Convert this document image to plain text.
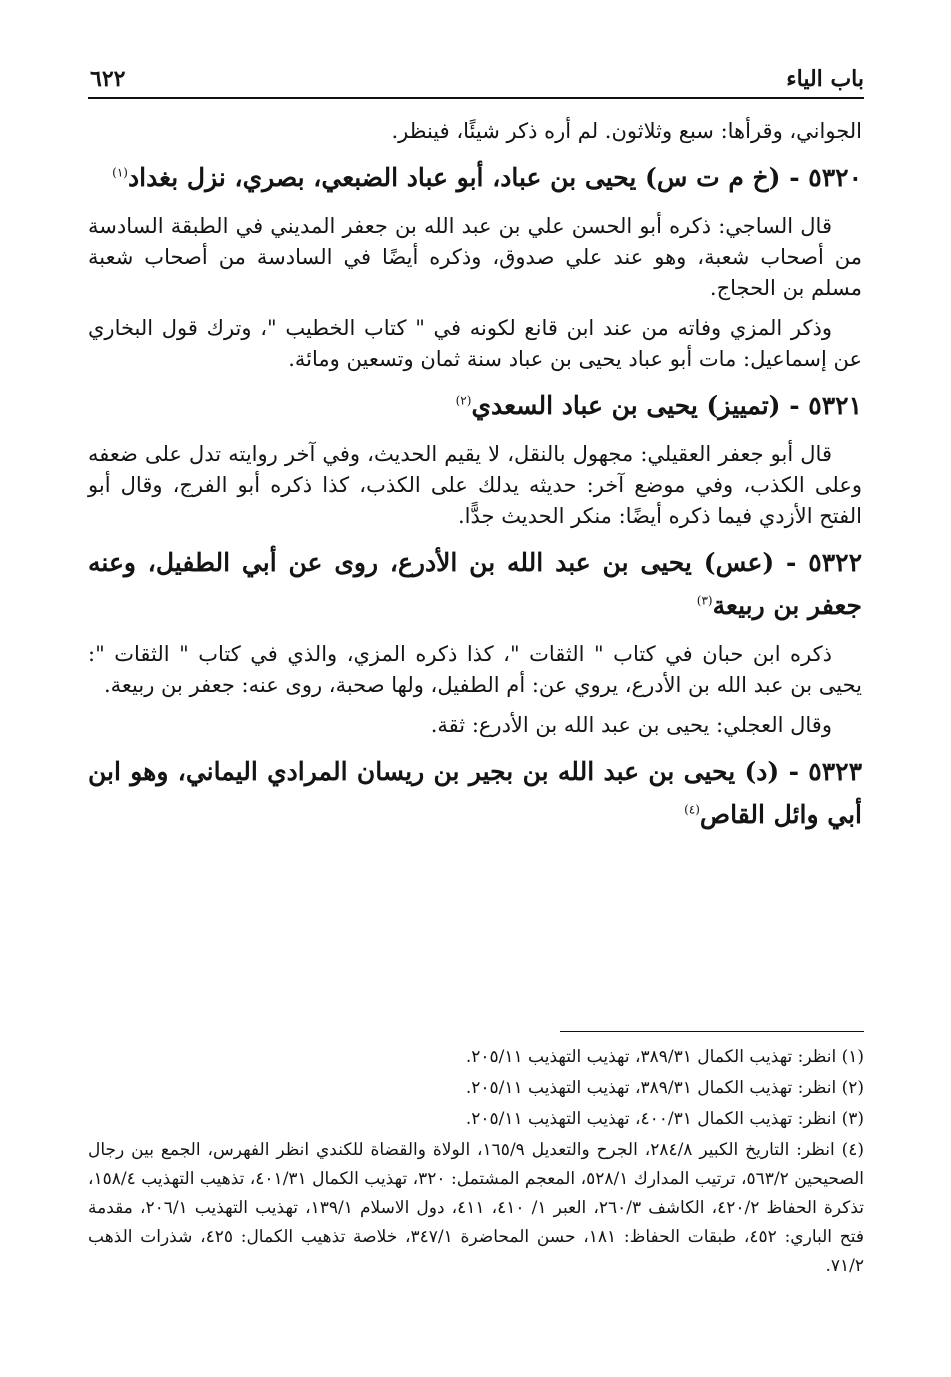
٦٢٢	باب الياء

الجواني، وقرأها: سبع وثلاثون. لم أره ذكر شيئًا، فينظر.

٥٣٢٠ - (خ م ت س) يحيى بن عباد، أبو عباد الضبعي، بصري، نزل بغداد$^{(١)}$

قال الساجي: ذكره أبو الحسن علي بن عبد الله بن جعفر المديني في الطبقة السادسة من أصحاب شعبة، وهو عند علي صدوق، وذكره أيضًا في السادسة من أصحاب شعبة مسلم بن الحجاج.

وذكر المزي وفاته من عند ابن قانع لكونه في " كتاب الخطيب "، وترك قول البخاري عن إسماعيل: مات أبو عباد يحيى بن عباد سنة ثمان وتسعين ومائة.

٥٣٢١ - (تمييز) يحيى بن عباد السعدي$^{(٢)}$

قال أبو جعفر العقيلي: مجهول بالنقل، لا يقيم الحديث، وفي آخر روايته تدل على ضعفه وعلى الكذب، وفي موضع آخر: حديثه يدلك على الكذب، كذا ذكره أبو الفرج، وقال أبو الفتح الأزدي فيما ذكره أيضًا: منكر الحديث جدًّا.

٥٣٢٢ - (عس) يحيى بن عبد الله بن الأدرع، روى عن أبي الطفيل، وعنه جعفر بن ربيعة$^{(٣)}$

ذكره ابن حبان في كتاب " الثقات "، كذا ذكره المزي، والذي في كتاب " الثقات ": يحيى بن عبد الله بن الأدرع، يروي عن: أم الطفيل، ولها صحبة، روى عنه: جعفر بن ربيعة.

وقال العجلي: يحيى بن عبد الله بن الأدرع: ثقة.

٥٣٢٣ - (د) يحيى بن عبد الله بن بجير بن ريسان المرادي اليماني، وهو ابن أبي وائل القاص$^{(٤)}$

(١) انظر: تهذيب الكمال ٣٨٩/٣١، تهذيب التهذيب ٢٠٥/١١.

(٢) انظر: تهذيب الكمال ٣٨٩/٣١، تهذيب التهذيب ٢٠٥/١١.

(٣) انظر: تهذيب الكمال ٤٠٠/٣١، تهذيب التهذيب ٢٠٥/١١.

(٤) انظر: التاريخ الكبير ٢٨٤/٨، الجرح والتعديل ١٦٥/٩، الولاة والقضاة للكندي انظر الفهرس، الجمع بين رجال الصحيحين ٥٦٣/٢، ترتيب المدارك ٥٢٨/١، المعجم المشتمل: ٣٢٠، تهذيب الكمال ٤٠١/٣١، تذهيب التهذيب ١٥٨/٤، تذكرة الحفاظ ٤٢٠/٢، الكاشف ٢٦٠/٣، العبر ١/ ٤١٠، ٤١١، دول الاسلام ١٣٩/١، تهذيب التهذيب ٢٠٦/١، مقدمة فتح الباري: ٤٥٢، طبقات الحفاظ: ١٨١، حسن المحاضرة ٣٤٧/١، خلاصة تذهيب الكمال: ٤٢٥، شذرات الذهب ٧١/٢.
